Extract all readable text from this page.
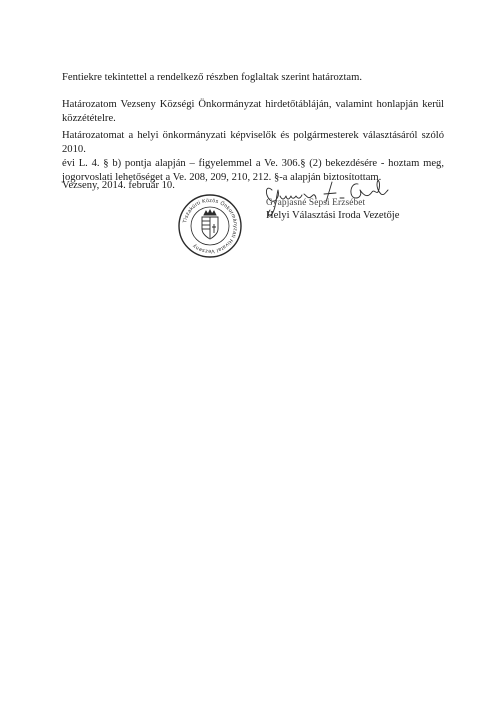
Fentiekre tekintettel a rendelkező részben foglaltak szerint határoztam.

Határozatom Vezseny Községi Önkormányzat hirdetőtábláján, valamint honlapján kerül
közzétételre.

Határozatomat a helyi önkormányzati képviselők és polgármesterek választásáról szóló 2010.
évi L. 4. § b) pontja alapján – figyelemmel a Ve. 306.§ (2) bekezdésére - hoztam meg,
jogorvoslati lehetőséget a Ve. 208, 209, 210, 212. §-a alapján biztosítottam.

Vezseny, 2014. február 10.
Gyapjasné Sepsi Erzsébet
Helyi Választási Iroda Vezetője
Tiszakürti Közös Önkormányzati Hivatal Vezseny
